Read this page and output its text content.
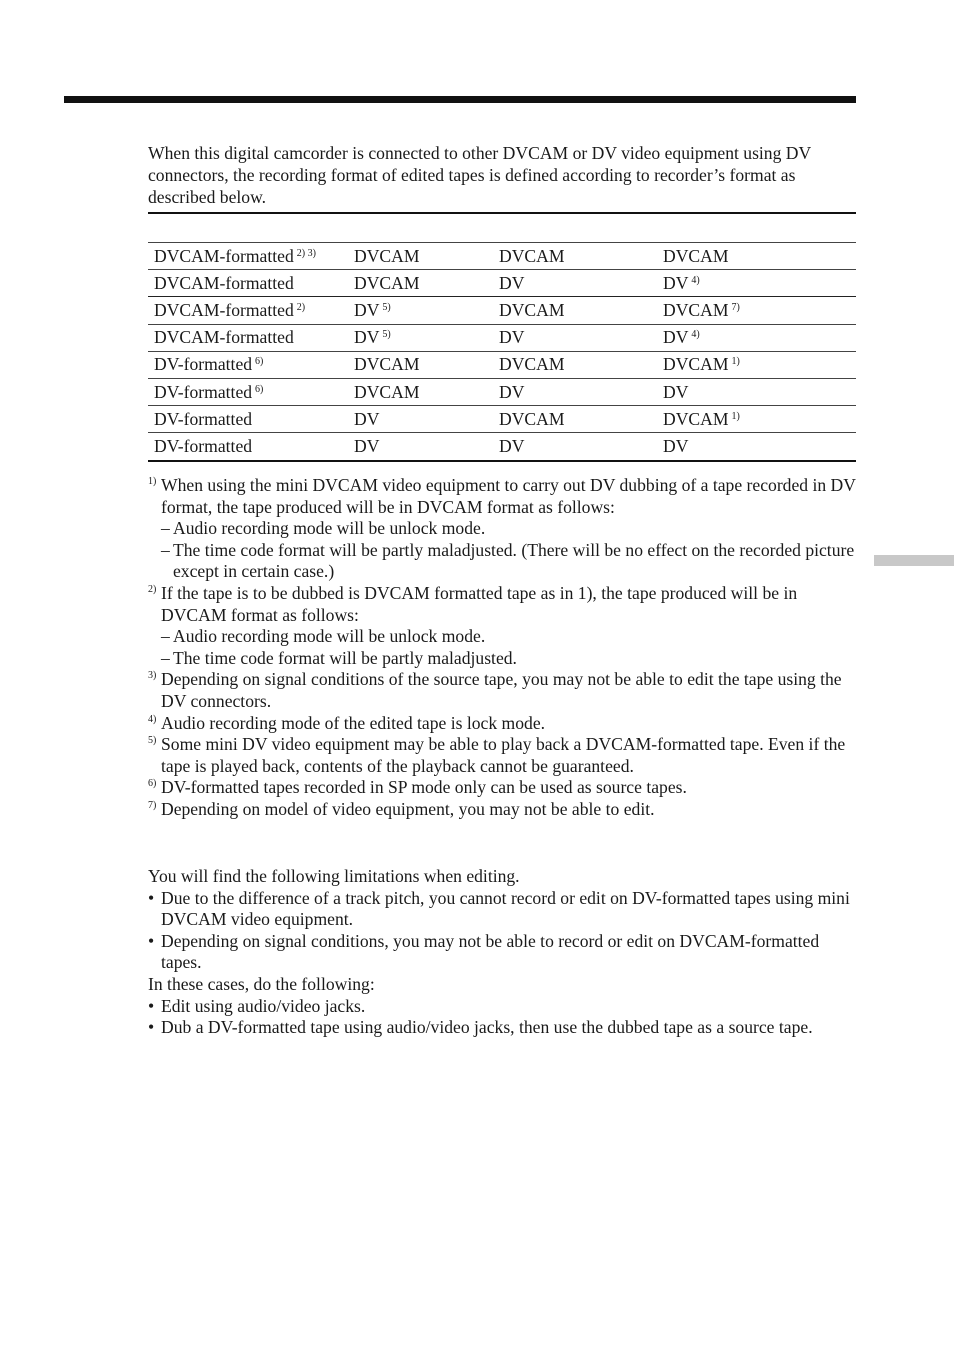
When this digital camcorder is connected to other DVCAM or DV video equipment using DV connectors, the recording format of edited tapes is defined according to recorder’s format as described below.

DVCAM-formatted $^{2) 3)}$	DVCAM	DVCAM	DVCAM
DVCAM-formatted	DVCAM	DV	DV $^{4)}$
DVCAM-formatted $^{2)}$	DV $^{5)}$	DVCAM	DVCAM $^{7)}$
DVCAM-formatted	DV $^{5)}$	DV	DV $^{4)}$
DV-formatted $^{6)}$	DVCAM	DVCAM	DVCAM $^{1)}$
DV-formatted $^{6)}$	DVCAM	DV	DV
DV-formatted	DV	DVCAM	DVCAM $^{1)}$
DV-formatted	DV	DV	DV
1) When using the mini DVCAM video equipment to carry out DV dubbing of a tape recorded in DV format, the tape produced will be in DVCAM format as follows:
– Audio recording mode will be unlock mode.
– The time code format will be partly maladjusted. (There will be no effect on the recorded picture except in certain case.)
2) If the tape is to be dubbed is DVCAM formatted tape as in 1), the tape produced will be in DVCAM format as follows:
– Audio recording mode will be unlock mode.
– The time code format will be partly maladjusted.
3) Depending on signal conditions of the source tape, you may not be able to edit the tape using the DV connectors.
4) Audio recording mode of the edited tape is lock mode.
5) Some mini DV video equipment may be able to play back a DVCAM-formatted tape. Even if the tape is played back, contents of the playback cannot be guaranteed.
6) DV-formatted tapes recorded in SP mode only can be used as source tapes.
7) Depending on model of video equipment, you may not be able to edit.
You will find the following limitations when editing.
• Due to the difference of a track pitch, you cannot record or edit on DV-formatted tapes using mini DVCAM video equipment.
• Depending on signal conditions, you may not be able to record or edit on DVCAM-formatted tapes.
In these cases, do the following:
• Edit using audio/video jacks.
• Dub a DV-formatted tape using audio/video jacks, then use the dubbed tape as a source tape.
